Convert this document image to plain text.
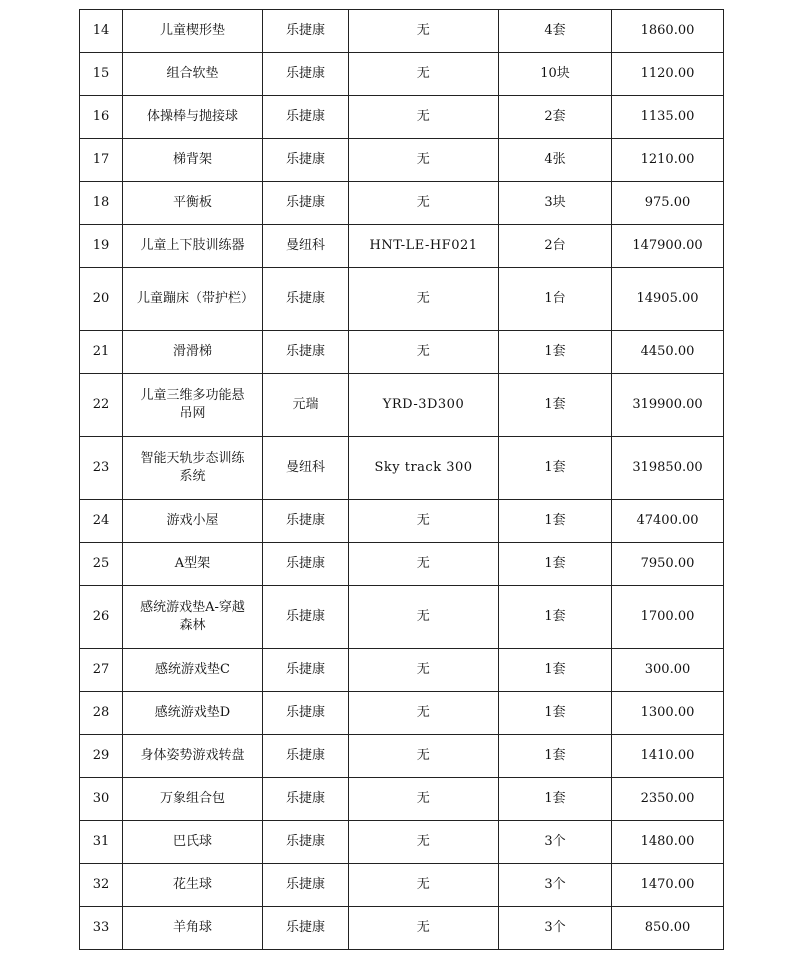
14	儿童楔形垫	乐捷康	无	4套	1860.00
15	组合软垫	乐捷康	无	10块	1120.00
16	体操棒与抛接球	乐捷康	无	2套	1135.00
17	梯背架	乐捷康	无	4张	1210.00
18	平衡板	乐捷康	无	3块	975.00
19	儿童上下肢训练器	曼纽科	HNT-LE-HF021	2台	147900.00
20	儿童蹦床（带护栏）	乐捷康	无	1台	14905.00
21	滑滑梯	乐捷康	无	1套	4450.00
22	儿童三维多功能悬吊网	元瑞	YRD-3D300	1套	319900.00
23	智能天轨步态训练系统	曼纽科	Sky track 300	1套	319850.00
24	游戏小屋	乐捷康	无	1套	47400.00
25	A型架	乐捷康	无	1套	7950.00
26	感统游戏垫A-穿越森林	乐捷康	无	1套	1700.00
27	感统游戏垫C	乐捷康	无	1套	300.00
28	感统游戏垫D	乐捷康	无	1套	1300.00
29	身体姿势游戏转盘	乐捷康	无	1套	1410.00
30	万象组合包	乐捷康	无	1套	2350.00
31	巴氏球	乐捷康	无	3个	1480.00
32	花生球	乐捷康	无	3个	1470.00
33	羊角球	乐捷康	无	3个	850.00
